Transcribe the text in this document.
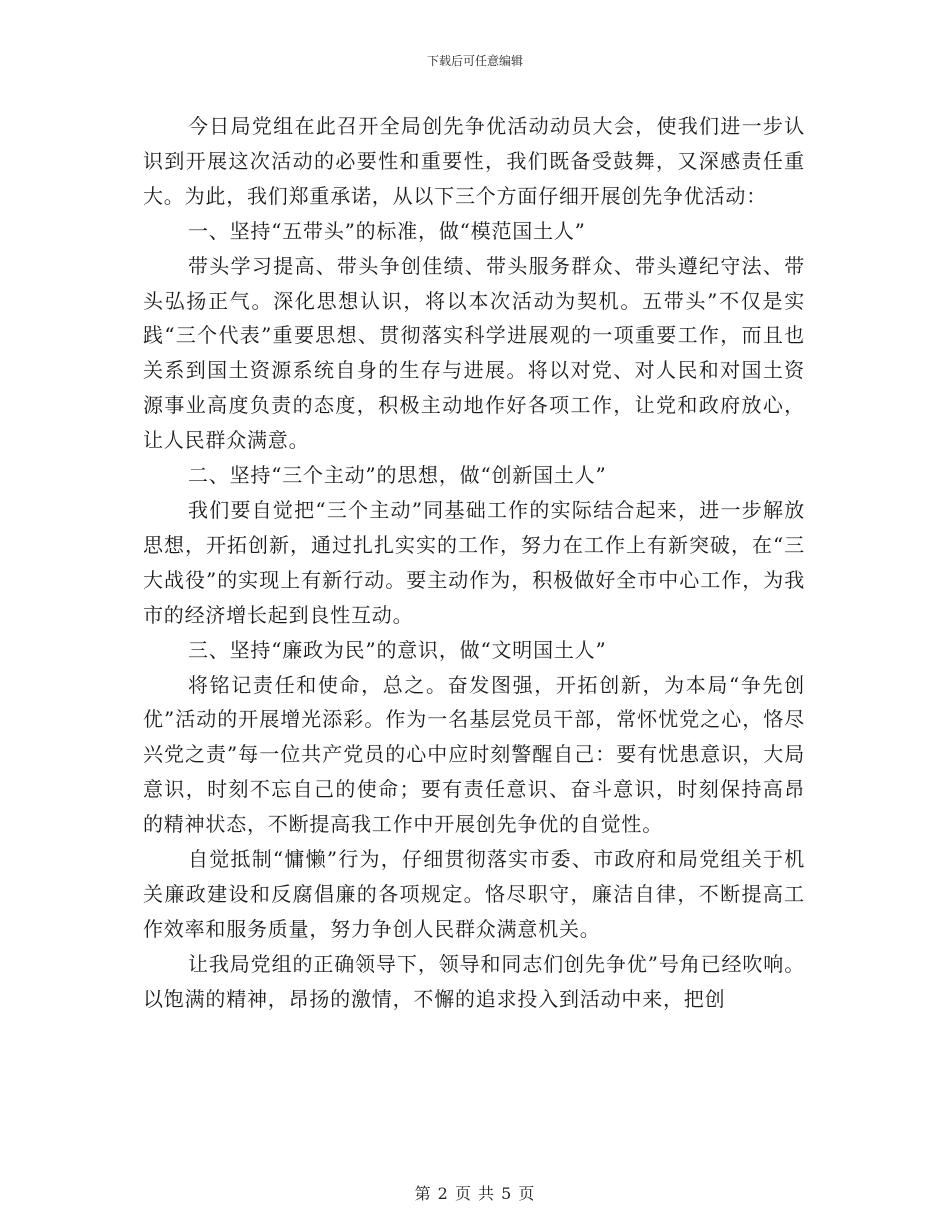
下载后可任意编辑

今日局党组在此召开全局创先争优活动动员大会，使我们进一步认识到开展这次活动的必要性和重要性，我们既备受鼓舞，又深感责任重大。为此，我们郑重承诺，从以下三个方面仔细开展创先争优活动：

一、坚持“五带头”的标准，做“模范国土人”

带头学习提高、带头争创佳绩、带头服务群众、带头遵纪守法、带头弘扬正气。深化思想认识，将以本次活动为契机。五带头”不仅是实践“三个代表”重要思想、贯彻落实科学进展观的一项重要工作，而且也关系到国土资源系统自身的生存与进展。将以对党、对人民和对国土资源事业高度负责的态度，积极主动地作好各项工作，让党和政府放心，让人民群众满意。

二、坚持“三个主动”的思想，做“创新国土人”

我们要自觉把“三个主动”同基础工作的实际结合起来，进一步解放思想，开拓创新，通过扎扎实实的工作，努力在工作上有新突破，在“三大战役”的实现上有新行动。要主动作为，积极做好全市中心工作，为我市的经济增长起到良性互动。

三、坚持“廉政为民”的意识，做“文明国土人”

将铭记责任和使命，总之。奋发图强，开拓创新，为本局“争先创优”活动的开展增光添彩。作为一名基层党员干部，常怀忧党之心，恪尽兴党之责”每一位共产党员的心中应时刻警醒自己：要有忧患意识，大局意识，时刻不忘自己的使命；要有责任意识、奋斗意识，时刻保持高昂的精神状态，不断提高我工作中开展创先争优的自觉性。

自觉抵制“慵懒”行为，仔细贯彻落实市委、市政府和局党组关于机关廉政建设和反腐倡廉的各项规定。恪尽职守，廉洁自律，不断提高工作效率和服务质量，努力争创人民群众满意机关。

让我局党组的正确领导下，领导和同志们创先争优”号角已经吹响。以饱满的精神，昂扬的激情，不懈的追求投入到活动中来，把创

第 2 页 共 5 页
